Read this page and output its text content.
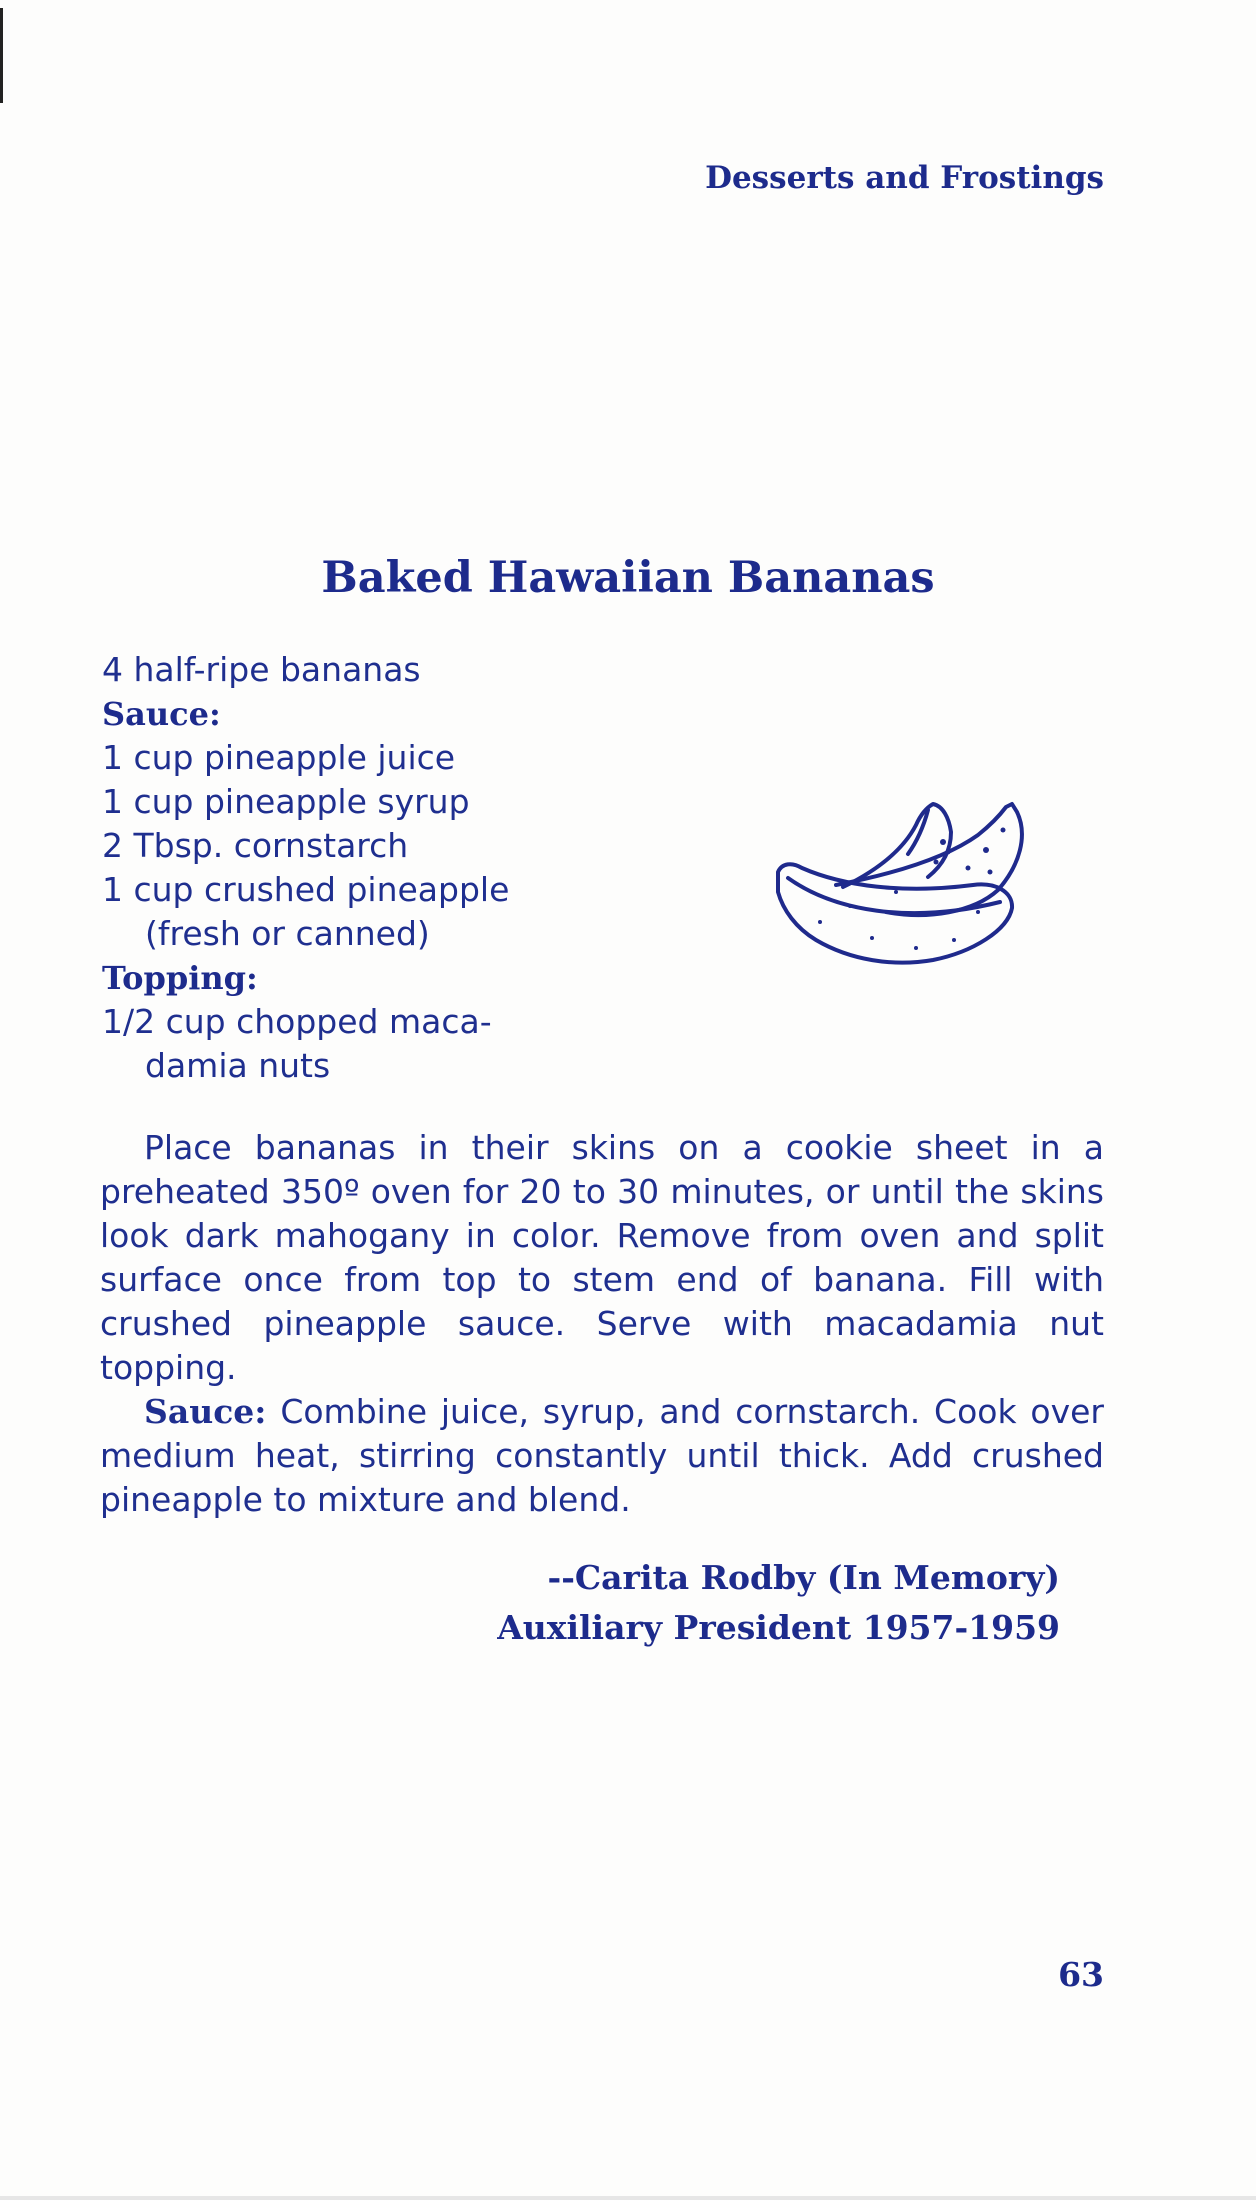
Desserts and Frostings
Baked Hawaiian Bananas
4 half-ripe bananas
Sauce:
1 cup pineapple juice
1 cup pineapple syrup
2 Tbsp. cornstarch
1 cup crushed pineapple
(fresh or canned)
Topping:
1/2 cup chopped maca-
damia nuts

Place bananas in their skins on a cookie sheet in a preheated 350º oven for 20 to 30 minutes, or until the skins look dark mahogany in color. Remove from oven and split surface once from top to stem end of banana. Fill with crushed pineapple sauce. Serve with macadamia nut topping.

Sauce: Combine juice, syrup, and cornstarch. Cook over medium heat, stirring constantly until thick. Add crushed pineapple to mixture and blend.

--Carita Rodby (In Memory)
Auxiliary President 1957-1959
63
